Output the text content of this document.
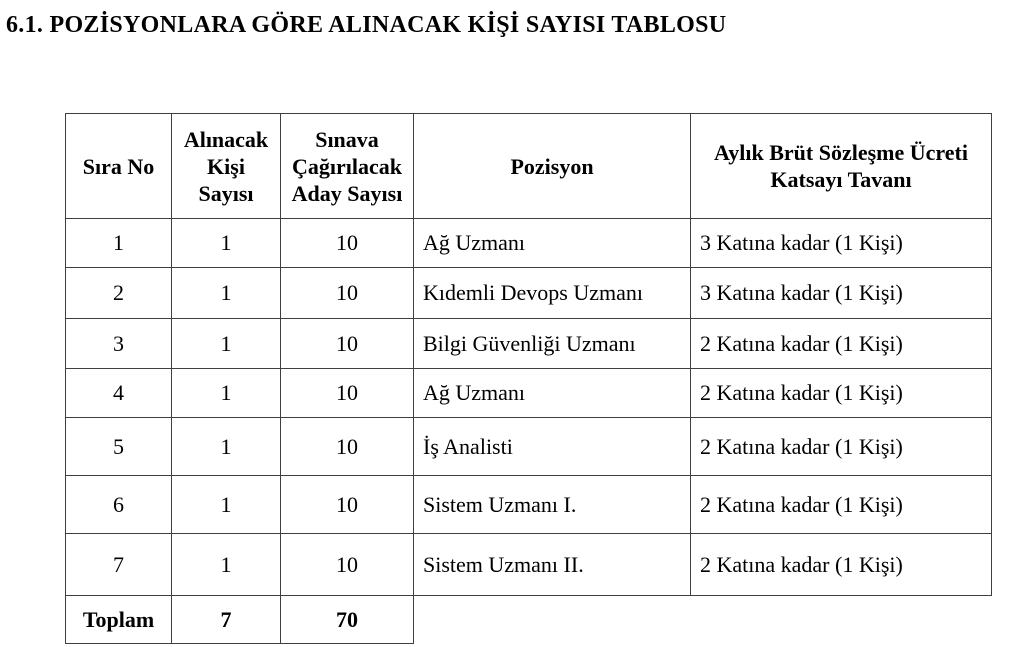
6.1. POZİSYONLARA GÖRE ALINACAK KİŞİ SAYISI TABLOSU
Sıra No	Alınacak
Kişi
Sayısı	Sınava
Çağırılacak
Aday Sayısı	Pozisyon	Aylık Brüt Sözleşme Ücreti
Katsayı Tavanı

1	1	10	Ağ Uzmanı	3 Katına kadar (1 Kişi)
2	1	10	Kıdemli Devops Uzmanı	3 Katına kadar (1 Kişi)
3	1	10	Bilgi Güvenliği Uzmanı	2 Katına kadar (1 Kişi)
4	1	10	Ağ Uzmanı	2 Katına kadar (1 Kişi)
5	1	10	İş Analisti	2 Katına kadar (1 Kişi)
6	1	10	Sistem Uzmanı I.	2 Katına kadar (1 Kişi)
7	1	10	Sistem Uzmanı II.	2 Katına kadar (1 Kişi)
Toplam	7	70		
